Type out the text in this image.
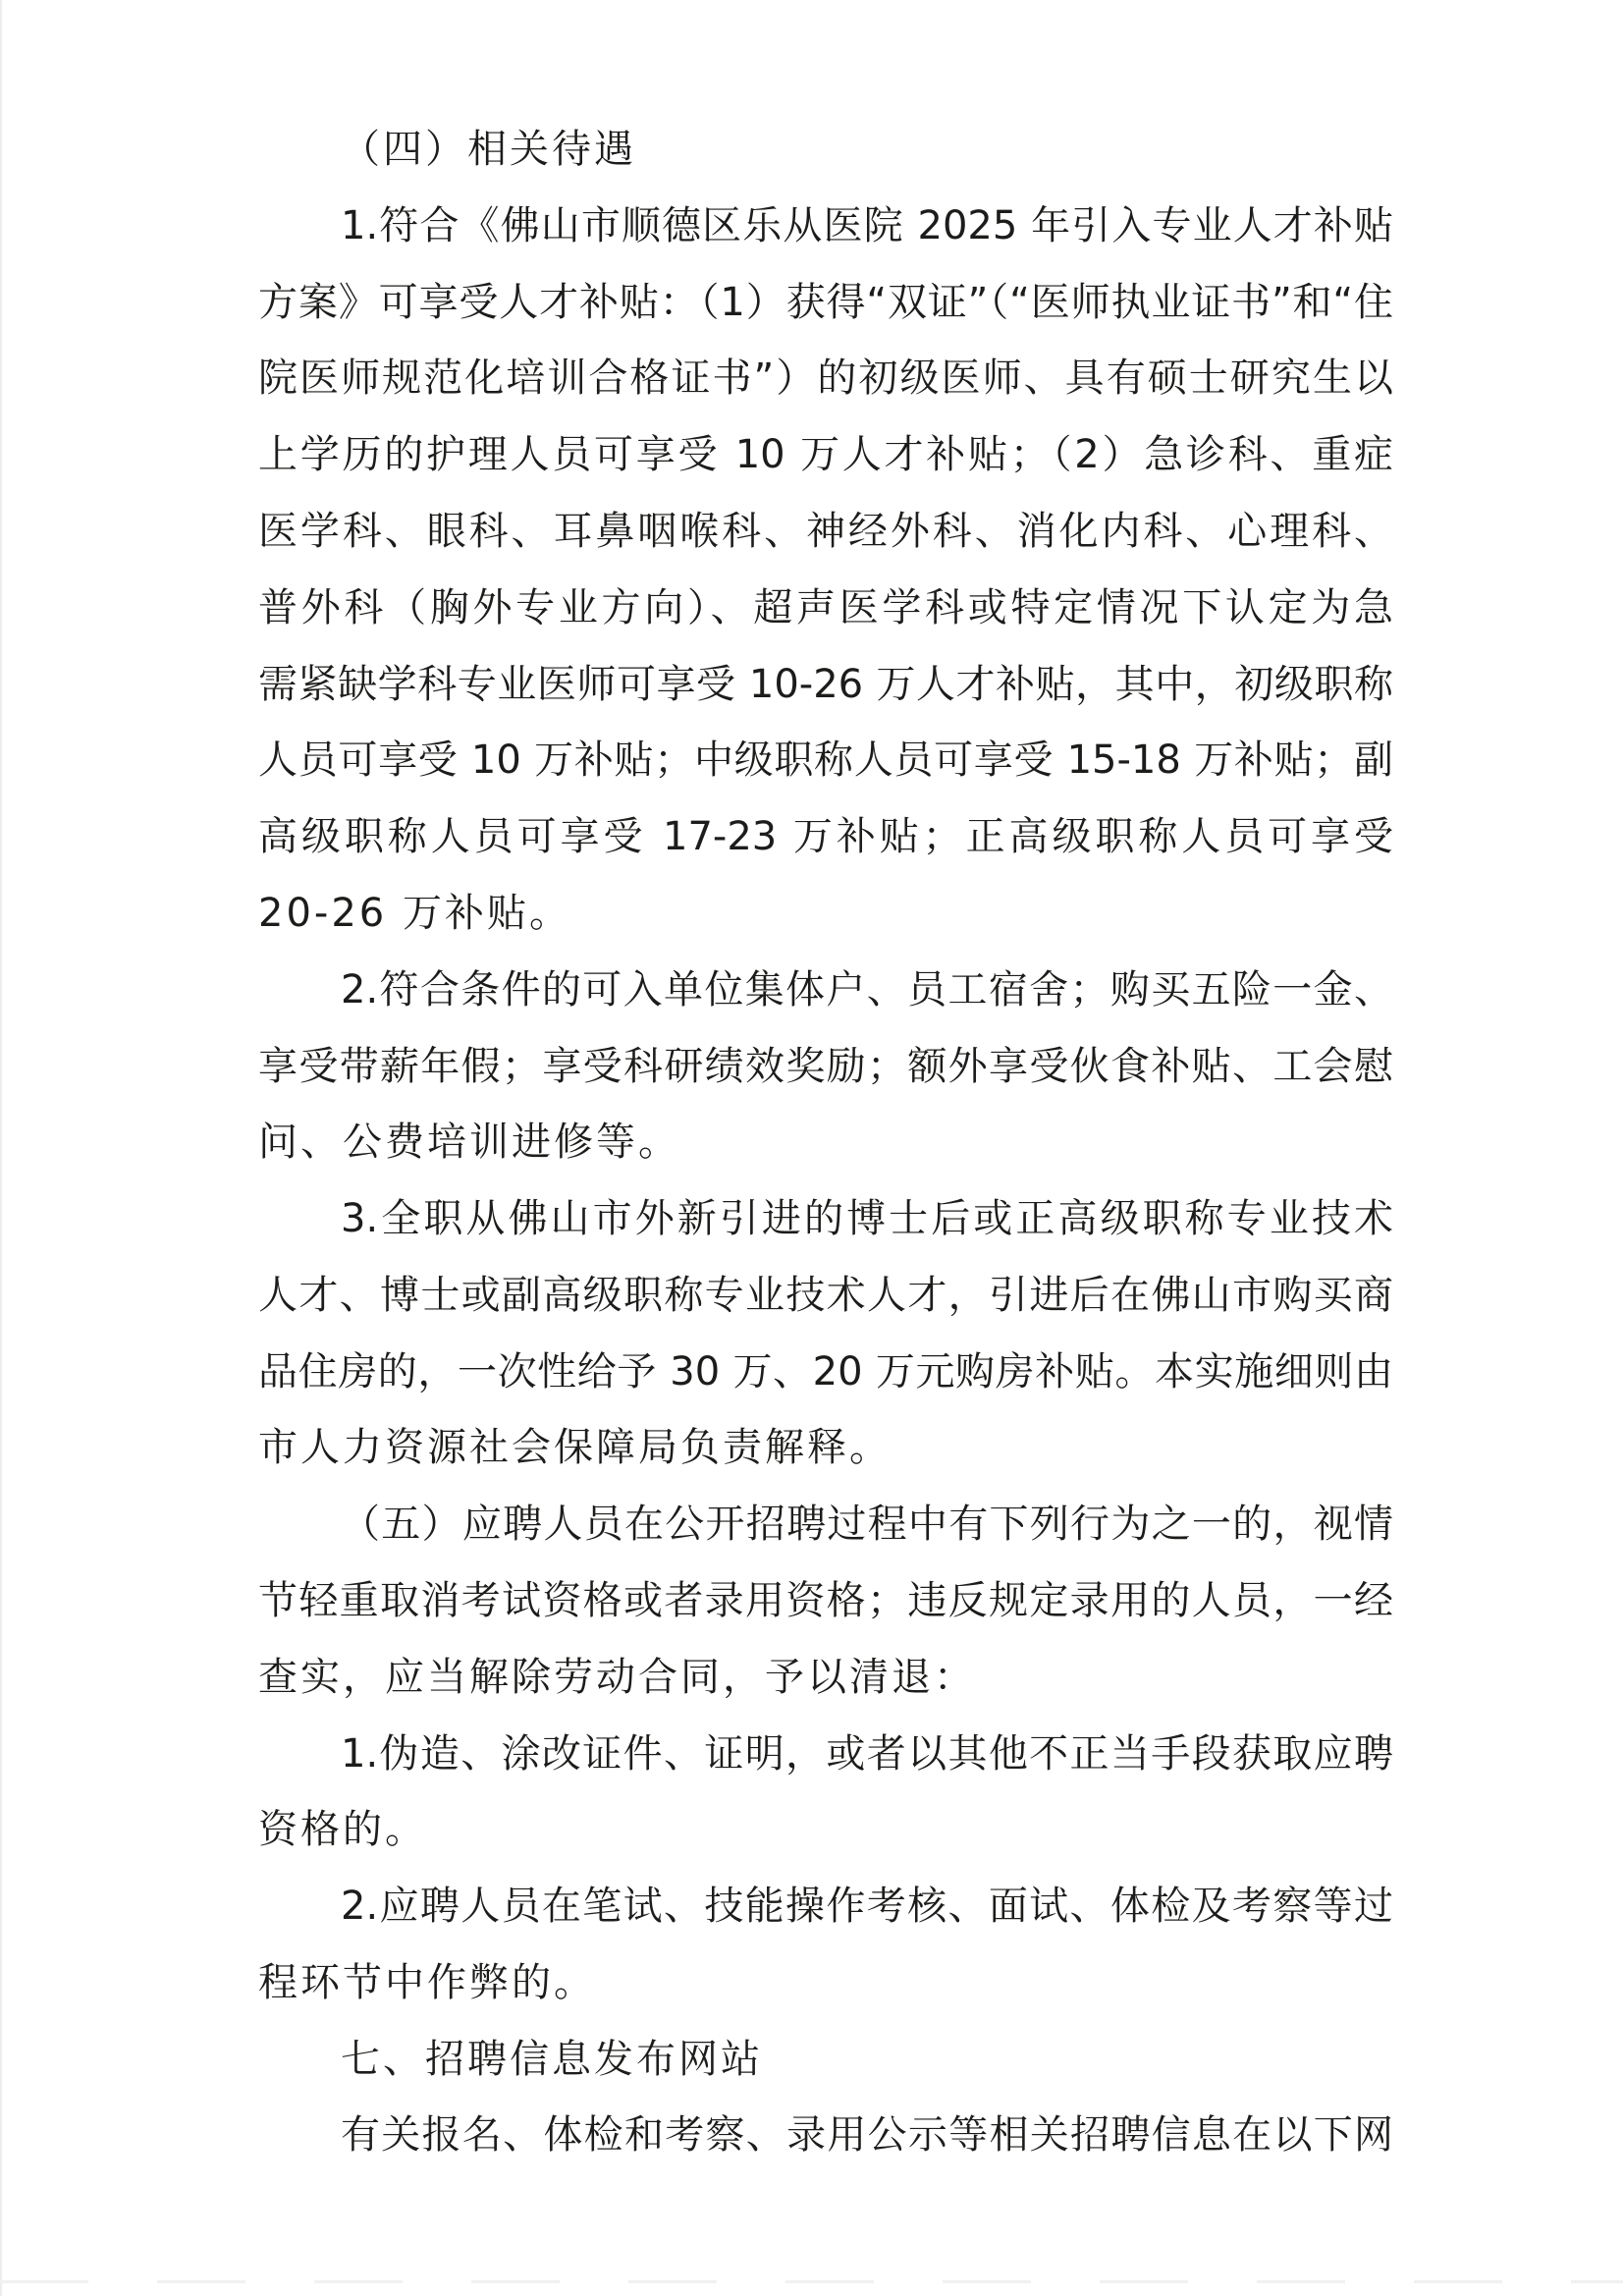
（四）相关待遇
1.符合《佛山市顺德区乐从医院 2025 年引入专业人才补贴
方案》可享受人才补贴：（1）获得“双证”（“医师执业证书”和“住
院医师规范化培训合格证书”）的初级医师、具有硕士研究生以
上学历的护理人员可享受 10 万人才补贴；（2）急诊科、重症
医学科、眼科、耳鼻咽喉科、神经外科、消化内科、心理科、
普外科（胸外专业方向）、超声医学科或特定情况下认定为急
需紧缺学科专业医师可享受 10-26 万人才补贴，其中，初级职称
人员可享受 10 万补贴；中级职称人员可享受 15-18 万补贴；副
高级职称人员可享受 17-23 万补贴；正高级职称人员可享受
20-26 万补贴。
2.符合条件的可入单位集体户、员工宿舍；购买五险一金、
享受带薪年假；享受科研绩效奖励；额外享受伙食补贴、工会慰
问、公费培训进修等。
3.全职从佛山市外新引进的博士后或正高级职称专业技术
人才、博士或副高级职称专业技术人才，引进后在佛山市购买商
品住房的，一次性给予 30 万、20 万元购房补贴。本实施细则由
市人力资源社会保障局负责解释。
（五）应聘人员在公开招聘过程中有下列行为之一的，视情
节轻重取消考试资格或者录用资格；违反规定录用的人员，一经
查实，应当解除劳动合同，予以清退：
1.伪造、涂改证件、证明，或者以其他不正当手段获取应聘
资格的。
2.应聘人员在笔试、技能操作考核、面试、体检及考察等过
程环节中作弊的。
七、招聘信息发布网站
有关报名、体检和考察、录用公示等相关招聘信息在以下网
